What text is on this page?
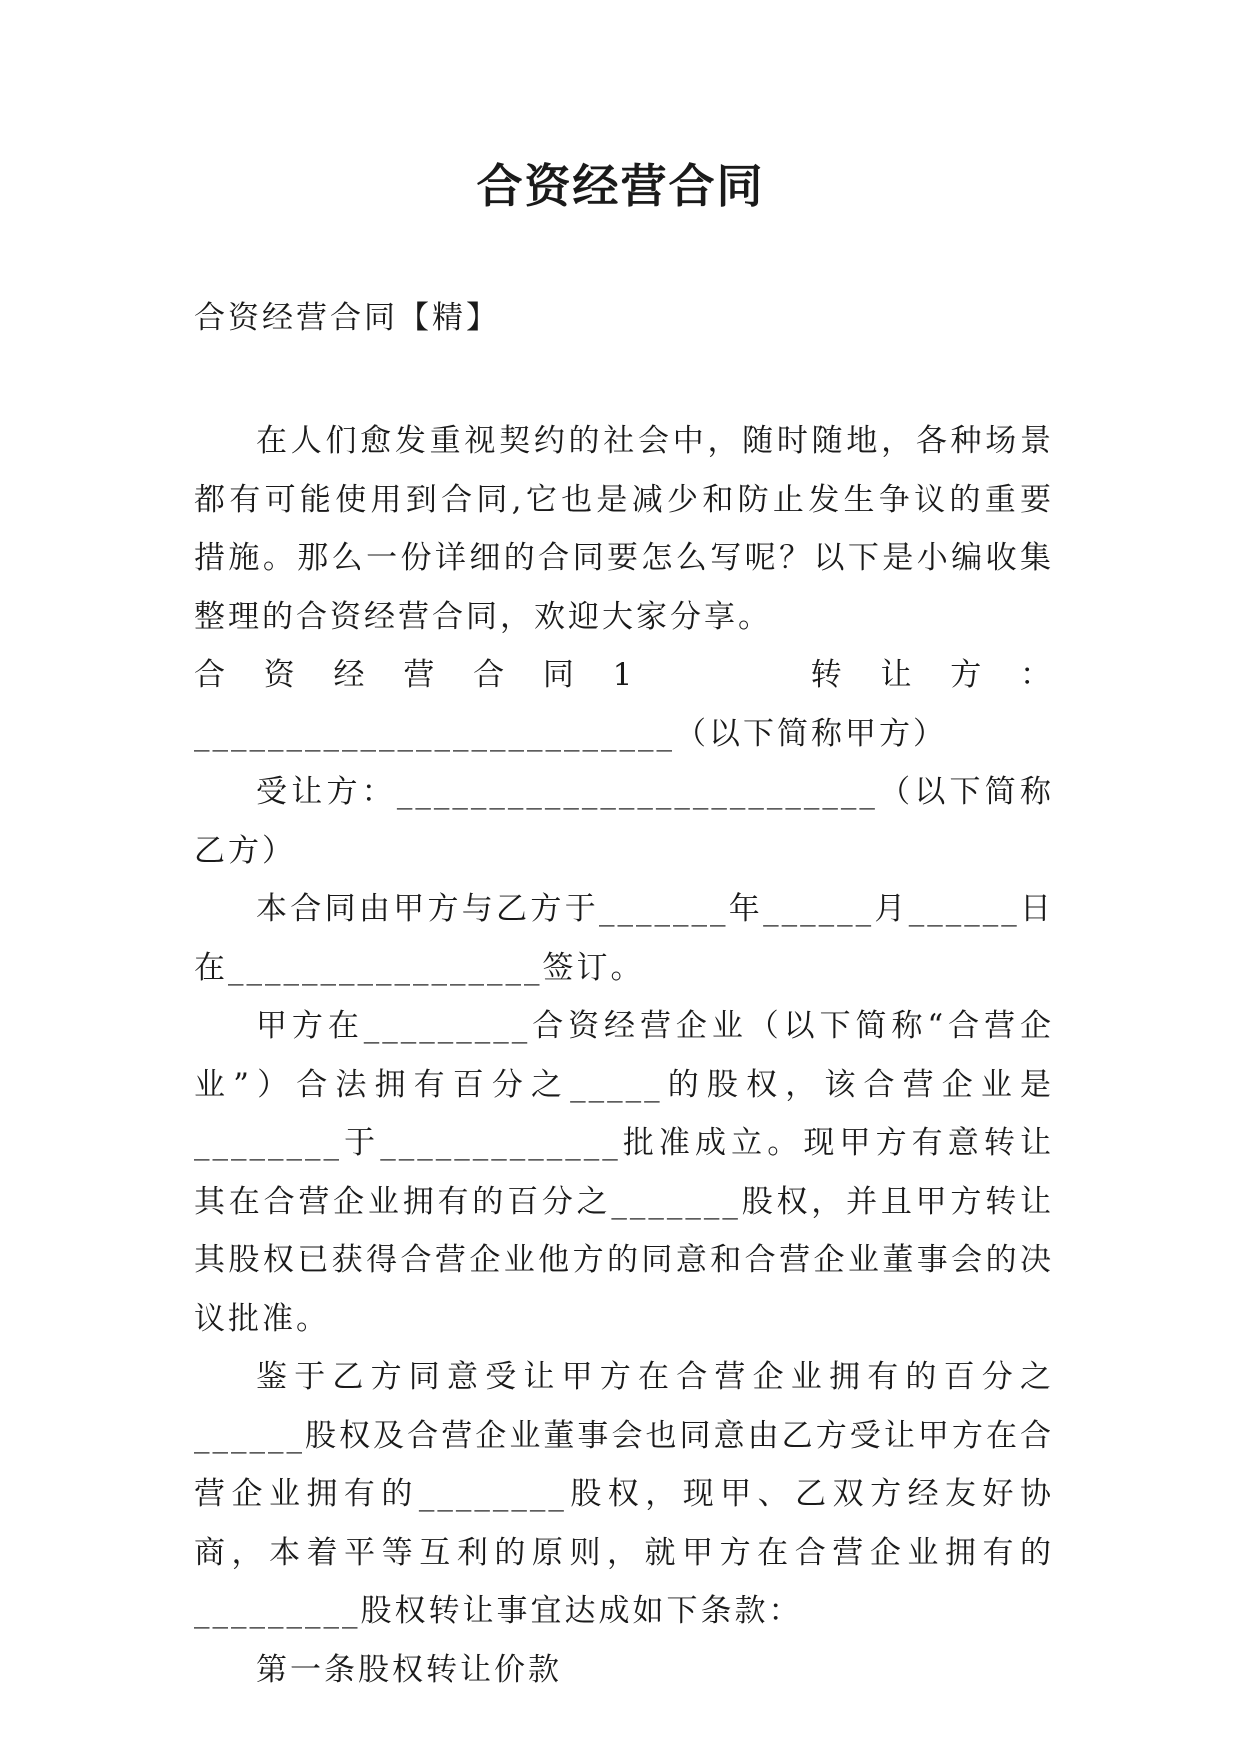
合资经营合同
合资经营合同【精】

在人们愈发重视契约的社会中，随时随地，各种场景都有可能使用到合同,它也是减少和防止发生争议的重要措施。那么一份详细的合同要怎么写呢？以下是小编收集整理的合资经营合同，欢迎大家分享。

合资经营合同1　　转让方：__________________________（以下简称甲方）

受让方：__________________________（以下简称乙方）

本合同由甲方与乙方于_______年______月______日在_________________签订。

甲方在_________合资经营企业（以下简称“合营企业”）合法拥有百分之_____的股权，该合营企业是________于_____________批准成立。现甲方有意转让其在合营企业拥有的百分之_______股权，并且甲方转让其股权已获得合营企业他方的同意和合营企业董事会的决议批准。

鉴于乙方同意受让甲方在合营企业拥有的百分之______股权及合营企业董事会也同意由乙方受让甲方在合营企业拥有的________股权，现甲、乙双方经友好协商，本着平等互利的原则，就甲方在合营企业拥有的_________股权转让事宜达成如下条款：

第一条股权转让价款
